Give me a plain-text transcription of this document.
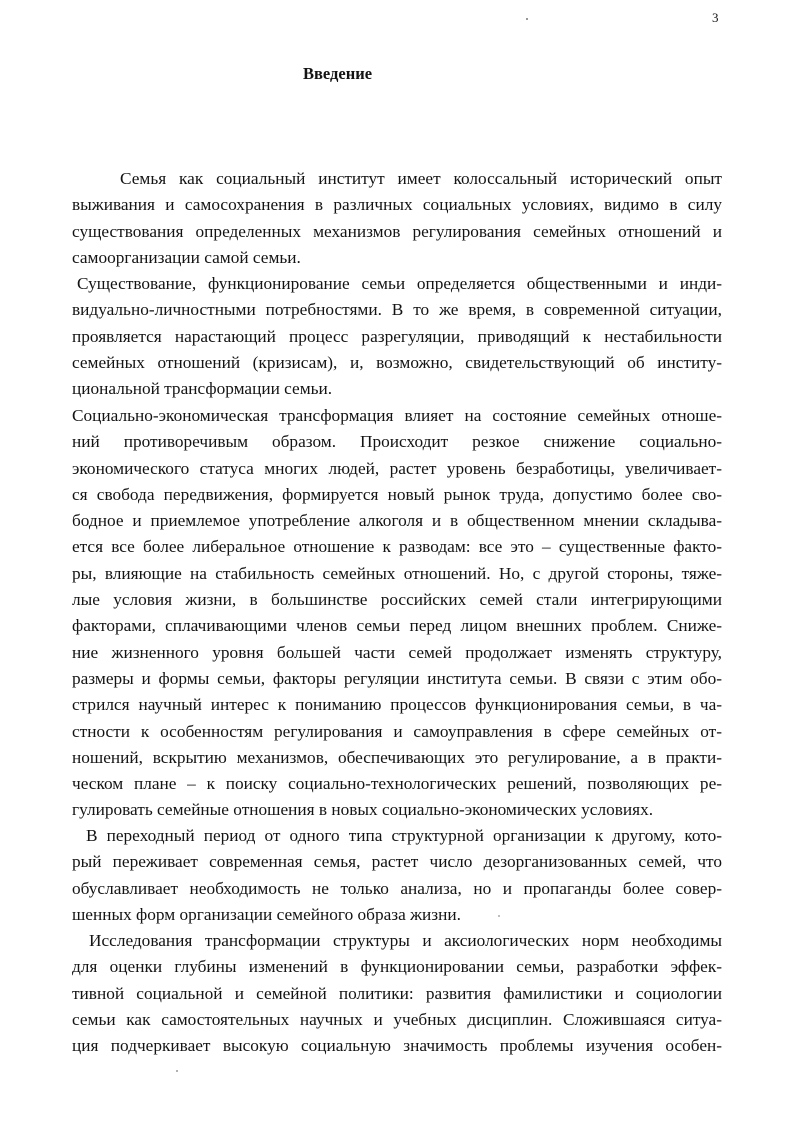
3
Введение
Семья как социальный институт имеет колоссальный исторический опыт
выживания и самосохранения в различных социальных условиях, видимо в силу
существования определенных механизмов регулирования семейных отношений и
самоорганизации самой семьи.
Существование, функционирование семьи определяется общественными и инди-
видуально-личностными потребностями. В то же время, в современной ситуации,
проявляется нарастающий процесс разрегуляции, приводящий к нестабильности
семейных отношений (кризисам), и, возможно, свидетельствующий об институ-
циональной трансформации семьи.
Социально-экономическая трансформация влияет на состояние семейных отноше-
ний противоречивым образом. Происходит резкое снижение социально-
экономического статуса многих людей, растет уровень безработицы, увеличивает-
ся свобода передвижения, формируется новый рынок труда, допустимо более сво-
бодное и приемлемое употребление алкоголя и в общественном мнении складыва-
ется все более либеральное отношение к разводам: все это – существенные факто-
ры, влияющие на стабильность семейных отношений. Но, с другой стороны, тяже-
лые условия жизни, в большинстве российских семей стали интегрирующими
факторами, сплачивающими членов семьи перед лицом внешних проблем. Сниже-
ние жизненного уровня большей части семей продолжает изменять структуру,
размеры и формы семьи, факторы регуляции института семьи. В связи с этим обо-
стрился научный интерес к пониманию процессов функционирования семьи, в ча-
стности к особенностям регулирования и самоуправления в сфере семейных от-
ношений, вскрытию механизмов, обеспечивающих это регулирование, а в практи-
ческом плане – к поиску социально-технологических решений, позволяющих ре-
гулировать семейные отношения в новых социально-экономических условиях.
В переходный период от одного типа структурной организации к другому, кото-
рый переживает современная семья, растет число дезорганизованных семей, что
обуславливает необходимость не только анализа, но и пропаганды более совер-
шенных форм организации семейного образа жизни.
Исследования трансформации структуры и аксиологических норм необходимы
для оценки глубины изменений в функционировании семьи, разработки эффек-
тивной социальной и семейной политики: развития фамилистики и социологии
семьи как самостоятельных научных и учебных дисциплин. Сложившаяся ситуа-
ция подчеркивает высокую социальную значимость проблемы изучения особен-
